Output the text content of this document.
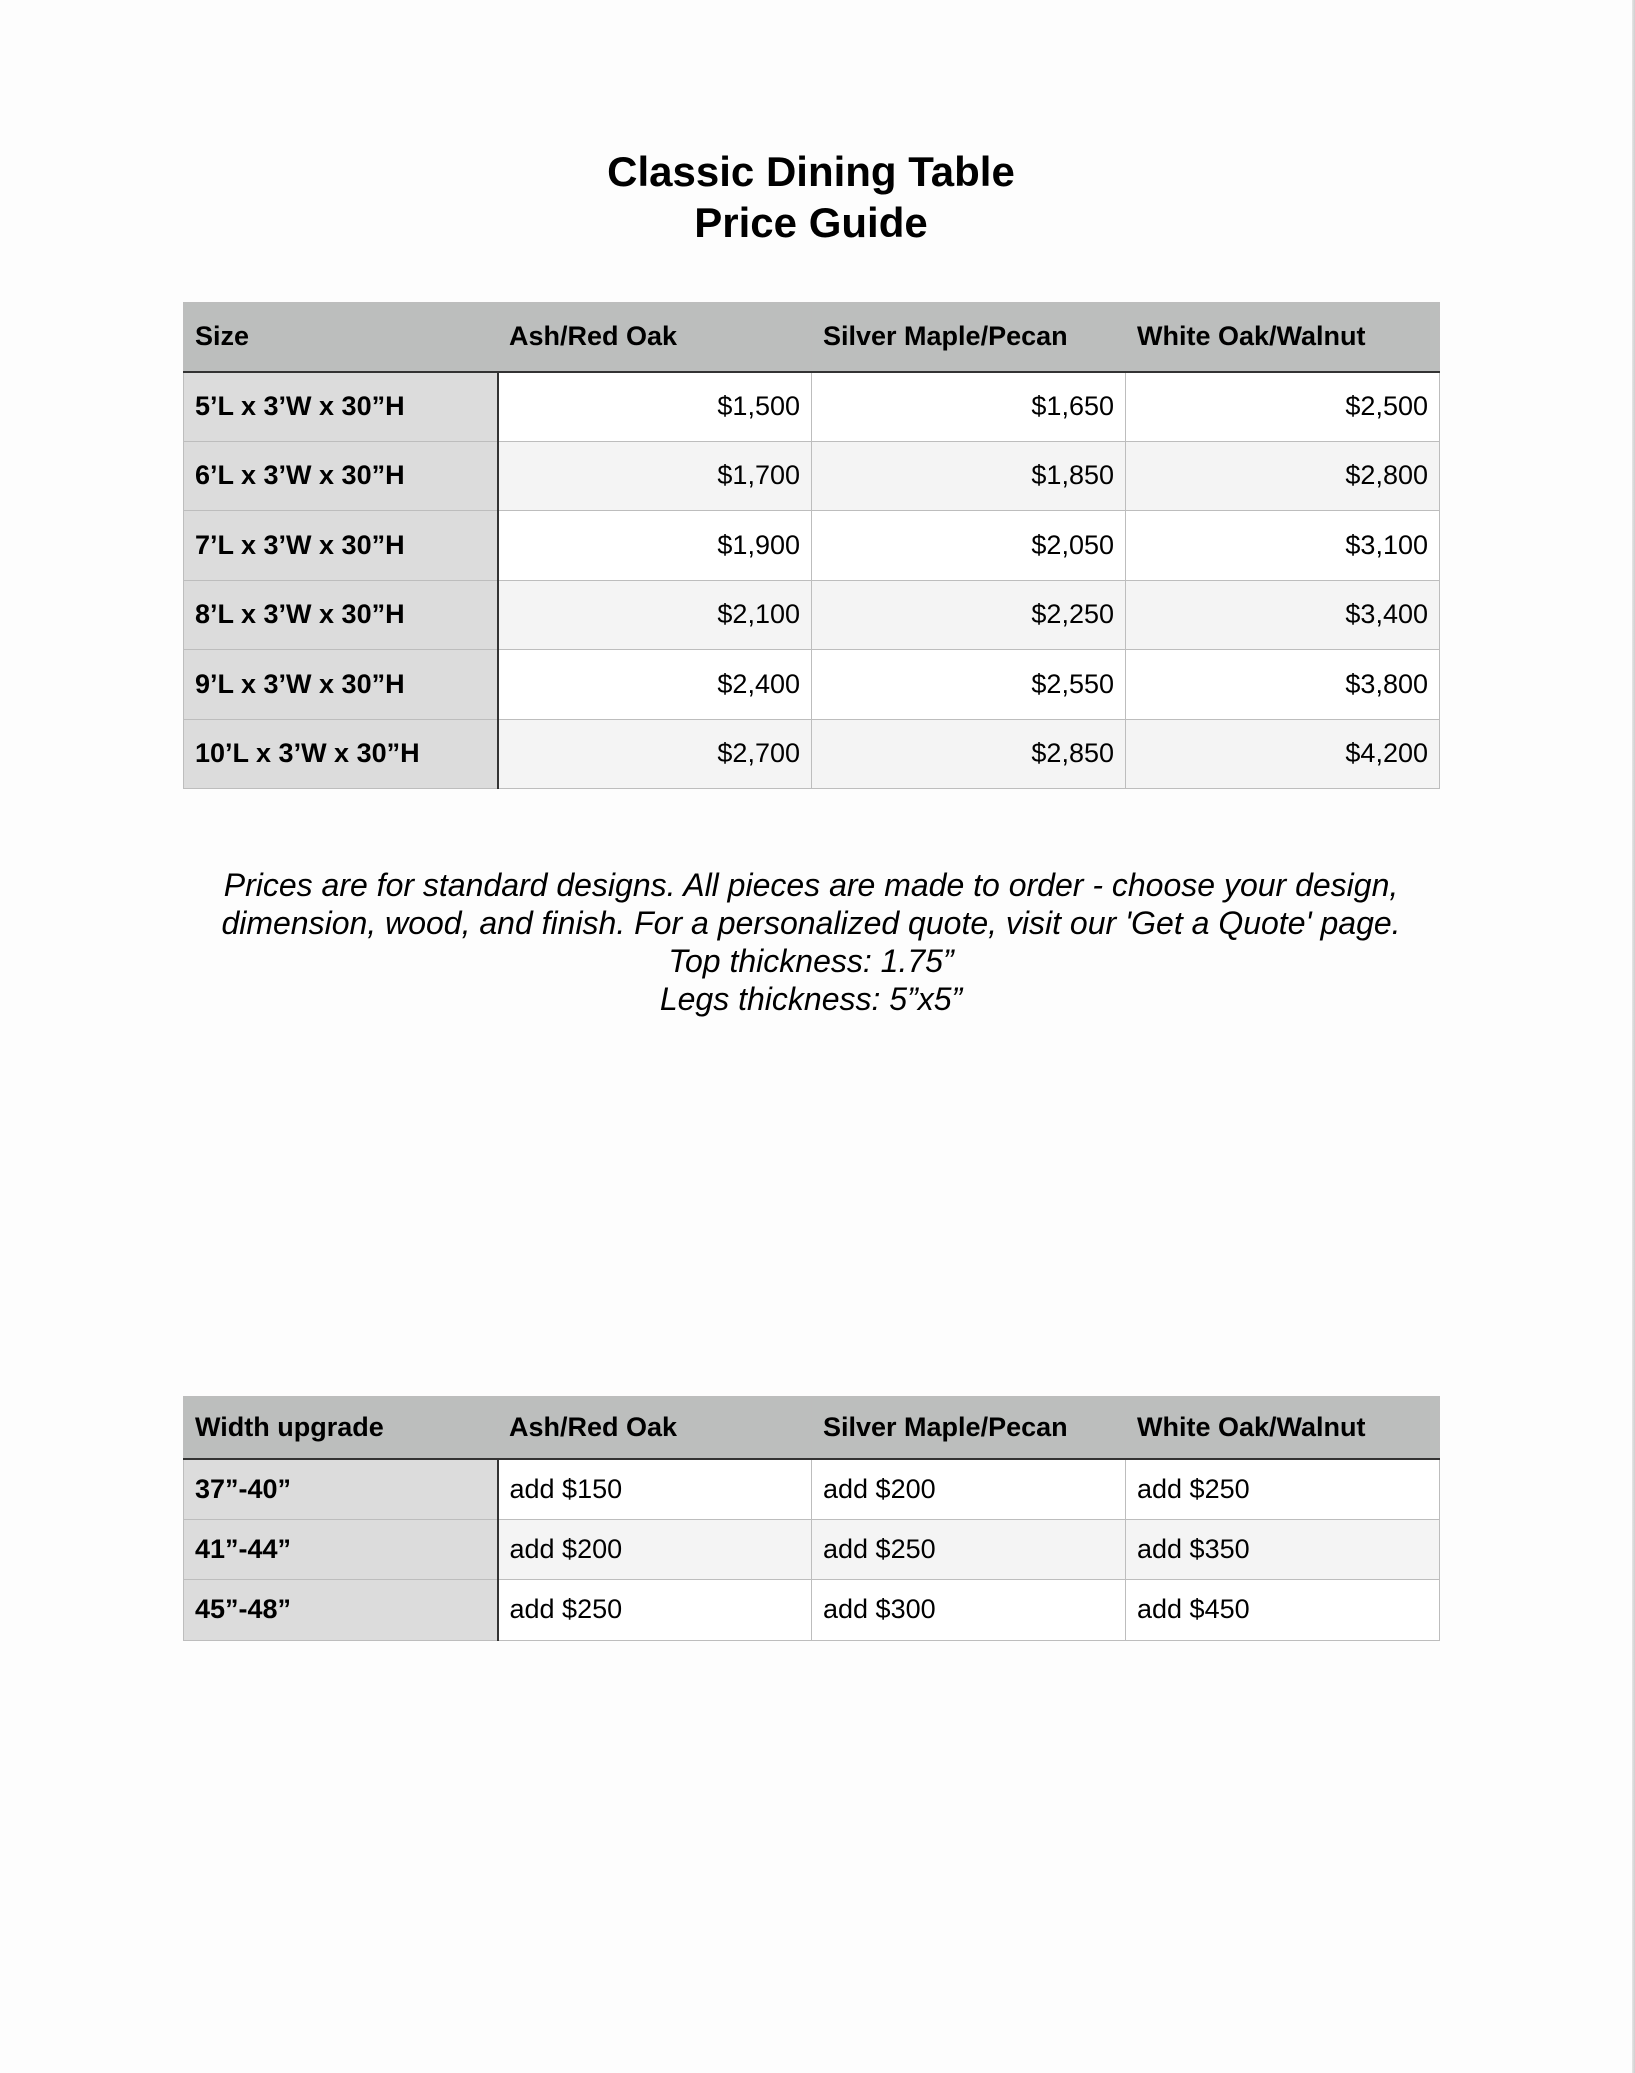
Classic Dining Table
Price Guide
Size	Ash/Red Oak	Silver Maple/Pecan	White Oak/Walnut
5’L x 3’W x 30”H	$1,500	$1,650	$2,500
6’L x 3’W x 30”H	$1,700	$1,850	$2,800
7’L x 3’W x 30”H	$1,900	$2,050	$3,100
8’L x 3’W x 30”H	$2,100	$2,250	$3,400
9’L x 3’W x 30”H	$2,400	$2,550	$3,800
10’L x 3’W x 30”H	$2,700	$2,850	$4,200
Prices are for standard designs. All pieces are made to order - choose your design,
dimension, wood, and finish. For a personalized quote, visit our 'Get a Quote' page.
Top thickness: 1.75”
Legs thickness: 5”x5”
Width upgrade	Ash/Red Oak	Silver Maple/Pecan	White Oak/Walnut
37”-40”	add $150	add $200	add $250
41”-44”	add $200	add $250	add $350
45”-48”	add $250	add $300	add $450
